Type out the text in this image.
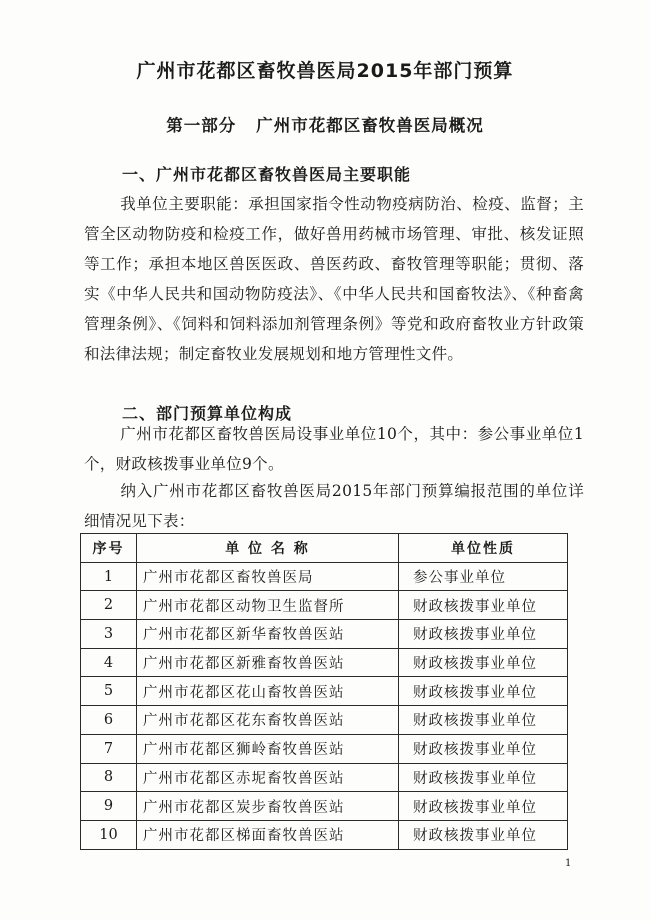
广州市花都区畜牧兽医局2015年部门预算
第一部分 广州市花都区畜牧兽医局概况
一、广州市花都区畜牧兽医局主要职能
我单位主要职能：承担国家指令性动物疫病防治、检疫、监督；主管全区动物防疫和检疫工作，做好兽用药械市场管理、审批、核发证照等工作；承担本地区兽医医政、兽医药政、畜牧管理等职能；贯彻、落实《中华人民共和国动物防疫法》、《中华人民共和国畜牧法》、《种畜禽管理条例》、《饲料和饲料添加剂管理条例》等党和政府畜牧业方针政策和法律法规；制定畜牧业发展规划和地方管理性文件。
二、部门预算单位构成
广州市花都区畜牧兽医局设事业单位10个，其中：参公事业单位1个，财政核拨事业单位9个。
纳入广州市花都区畜牧兽医局2015年部门预算编报范围的单位详细情况见下表：
序号	单 位 名 称	单位性质
1	广州市花都区畜牧兽医局	参公事业单位
2	广州市花都区动物卫生监督所	财政核拨事业单位
3	广州市花都区新华畜牧兽医站	财政核拨事业单位
4	广州市花都区新雅畜牧兽医站	财政核拨事业单位
5	广州市花都区花山畜牧兽医站	财政核拨事业单位
6	广州市花都区花东畜牧兽医站	财政核拨事业单位
7	广州市花都区狮岭畜牧兽医站	财政核拨事业单位
8	广州市花都区赤坭畜牧兽医站	财政核拨事业单位
9	广州市花都区炭步畜牧兽医站	财政核拨事业单位
10	广州市花都区梯面畜牧兽医站	财政核拨事业单位
1
